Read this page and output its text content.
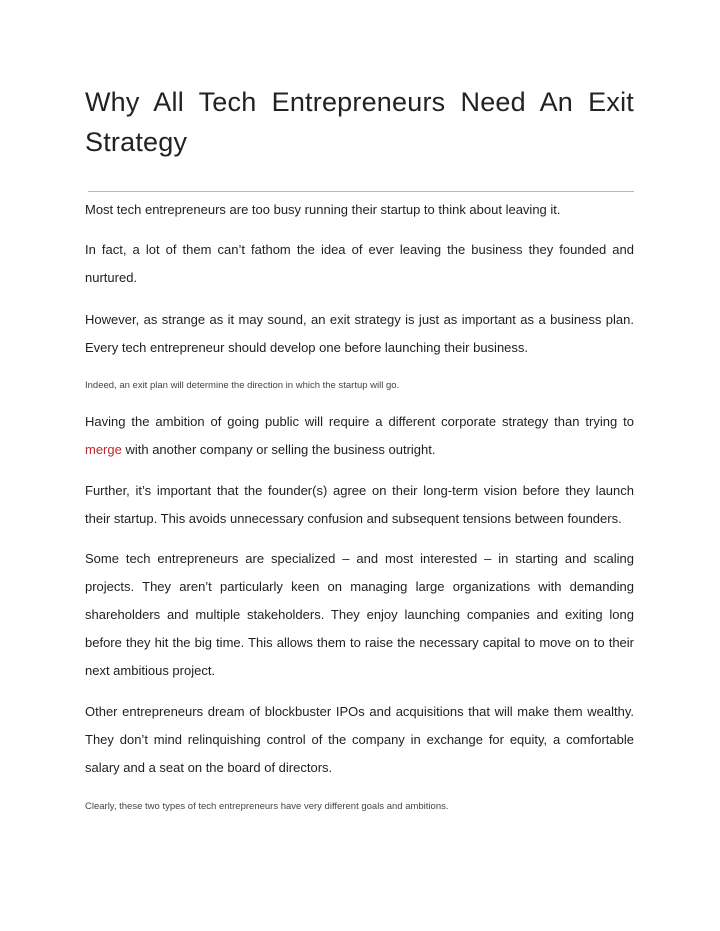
Why All Tech Entrepreneurs Need An Exit
Strategy

Most tech entrepreneurs are too busy running their startup to think about leaving it.

In fact, a lot of them can’t fathom the idea of ever leaving the business they founded and nurtured.

However, as strange as it may sound, an exit strategy is just as important as a business plan. Every tech entrepreneur should develop one before launching their business.

Indeed, an exit plan will determine the direction in which the startup will go.

Having the ambition of going public will require a different corporate strategy than trying to merge with another company or selling the business outright.

Further, it’s important that the founder(s) agree on their long-term vision before they launch their startup. This avoids unnecessary confusion and subsequent tensions between founders.

Some tech entrepreneurs are specialized – and most interested – in starting and scaling projects. They aren’t particularly keen on managing large organizations with demanding shareholders and multiple stakeholders. They enjoy launching companies and exiting long before they hit the big time. This allows them to raise the necessary capital to move on to their next ambitious project.

Other entrepreneurs dream of blockbuster IPOs and acquisitions that will make them wealthy. They don’t mind relinquishing control of the company in exchange for equity, a comfortable salary and a seat on the board of directors.

Clearly, these two types of tech entrepreneurs have very different goals and ambitions.
